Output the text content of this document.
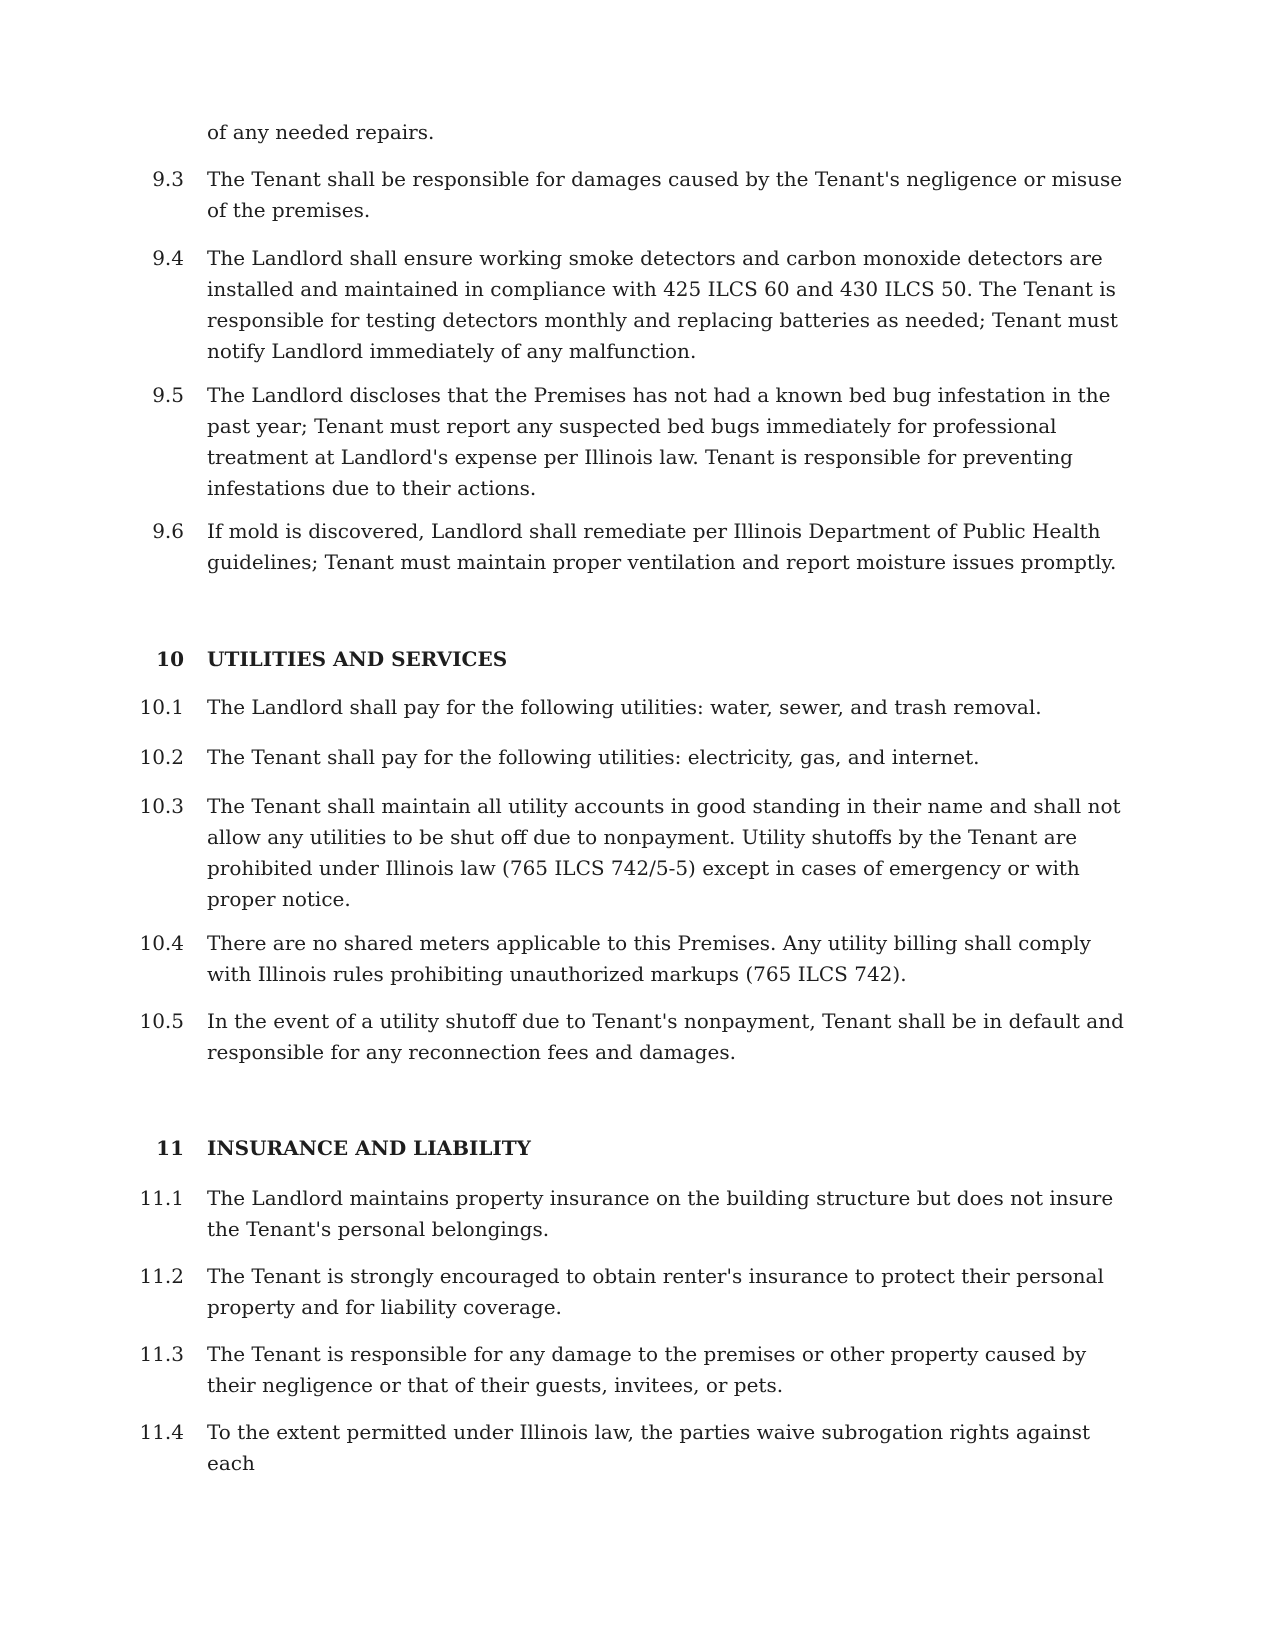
of any needed repairs.

9.3 The Tenant shall be responsible for damages caused by the Tenant's negligence or misuse of the premises.

9.4 The Landlord shall ensure working smoke detectors and carbon monoxide detectors are installed and maintained in compliance with 425 ILCS 60 and 430 ILCS 50. The Tenant is responsible for testing detectors monthly and replacing batteries as needed; Tenant must notify Landlord immediately of any malfunction.

9.5 The Landlord discloses that the Premises has not had a known bed bug infestation in the past year; Tenant must report any suspected bed bugs immediately for professional treatment at Landlord's expense per Illinois law. Tenant is responsible for preventing infestations due to their actions.

9.6 If mold is discovered, Landlord shall remediate per Illinois Department of Public Health guidelines; Tenant must maintain proper ventilation and report moisture issues promptly.

10 UTILITIES AND SERVICES
10.1 The Landlord shall pay for the following utilities: water, sewer, and trash removal.

10.2 The Tenant shall pay for the following utilities: electricity, gas, and internet.

10.3 The Tenant shall maintain all utility accounts in good standing in their name and shall not allow any utilities to be shut off due to nonpayment. Utility shutoffs by the Tenant are prohibited under Illinois law (765 ILCS 742/5-5) except in cases of emergency or with proper notice.

10.4 There are no shared meters applicable to this Premises. Any utility billing shall comply with Illinois rules prohibiting unauthorized markups (765 ILCS 742).

10.5 In the event of a utility shutoff due to Tenant's nonpayment, Tenant shall be in default and responsible for any reconnection fees and damages.

11 INSURANCE AND LIABILITY
11.1 The Landlord maintains property insurance on the building structure but does not insure the Tenant's personal belongings.

11.2 The Tenant is strongly encouraged to obtain renter's insurance to protect their personal property and for liability coverage.

11.3 The Tenant is responsible for any damage to the premises or other property caused by their negligence or that of their guests, invitees, or pets.

11.4 To the extent permitted under Illinois law, the parties waive subrogation rights against each
